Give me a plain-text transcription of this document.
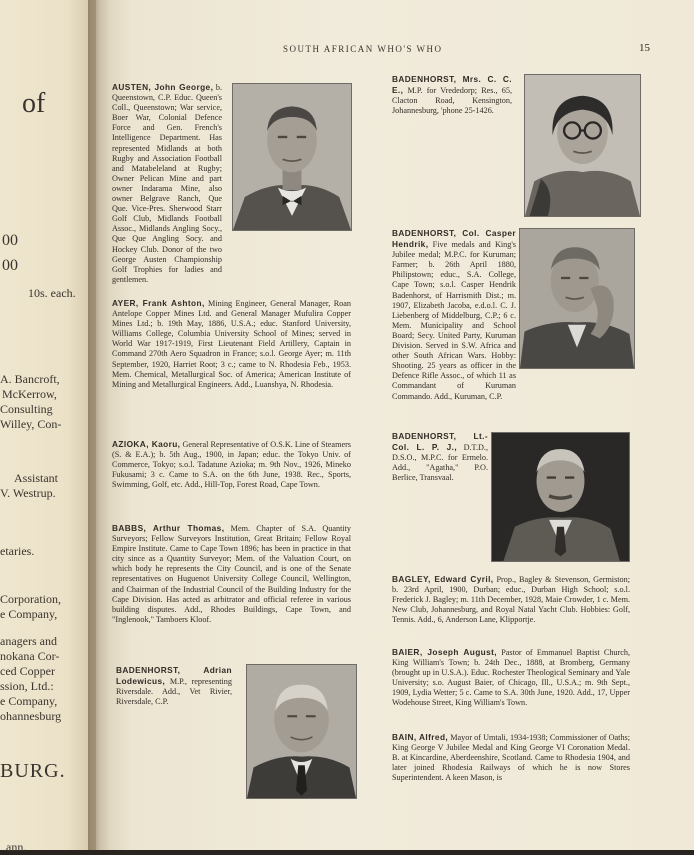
of
00
00
10s. each.
A. Bancroft,
McKerrow,
Consulting
Willey, Con-
Assistant
V. Westrup.
etaries.
Corporation,
e Company,
anagers and
nokana Cor-
ced Copper
ssion, Ltd.:
e Company,
ohannesburg
BURG.
ann.
SOUTH AFRICAN WHO'S WHO	15
AUSTEN, John George, b. Queenstown, C.P. Educ. Queen's Coll., Queenstown; War service, Boer War, Colonial Defence Force and Gen. French's Intelligence Department. Has represented Midlands at both Rugby and Association Football and Matabeleland at Rugby; Owner Pelican Mine and part owner Indarama Mine, also owner Belgrave Ranch, Que Que. Vice-Pres. Sherwood Starr Golf Club, Midlands Football Assoc., Midlands Angling Socy., Que Que Angling Socy. and Hockey Club. Donor of the two George Austen Championship Golf Trophies for ladies and gentlemen.
AYER, Frank Ashton, Mining Engineer, General Manager, Roan Antelope Copper Mines Ltd. and General Manager Mufulira Copper Mines Ltd.; b. 19th May, 1886, U.S.A.; educ. Stanford University, Williams College, Columbia University School of Mines; served in World War 1917-1919, First Lieutenant Field Artillery, Captain in Command 270th Aero Squadron in France; s.o.l. George Ayer; m. 11th September, 1920, Harriet Root; 3 c.; came to N. Rhodesia Feb., 1953. Mem. Chemical, Metallurgical Soc. of America; American Institute of Mining and Metallurgical Engineers. Add., Luanshya, N. Rhodesia.
AZIOKA, Kaoru, General Representative of O.S.K. Line of Steamers (S. & E.A.); b. 5th Aug., 1900, in Japan; educ. the Tokyo Univ. of Commerce, Tokyo; s.o.l. Tadatune Azioka; m. 9th Nov., 1926, Mineko Fukusami; 3 c. Came to S.A. on the 6th June, 1938. Rec., Sports, Swimming, Golf, etc. Add., Hill-Top, Forest Road, Cape Town.
BABBS, Arthur Thomas, Mem. Chapter of S.A. Quantity Surveyors; Fellow Surveyors Institution, Great Britain; Fellow Royal Empire Institute. Came to Cape Town 1896; has been in practice in that city since as a Quantity Surveyor; Mem. of the Valuation Court, on which body he represents the City Council, and is one of the Senate representatives on Huguenot University College Council, Wellington, and Chairman of the Industrial Council of the Building Industry for the Cape Division. Has acted as arbitrator and official referee in various building disputes. Add., Rhodes Buildings, Cape Town, and "Inglenook," Tamboers Kloof.
BADENHORST, Adrian Lodewicus, M.P., representing Riversdale. Add., Vet Rivier, Riversdale, C.P.
BADENHORST, Mrs. C. C. E., M.P. for Vrededorp; Res., 65, Clacton Road, Kensington, Johannesburg, 'phone 25-1426.
BADENHORST, Col. Casper Hendrik, Five medals and King's Jubilee medal; M.P.C. for Kuruman; Farmer; b. 26th April 1880, Philipstown; educ., S.A. College, Cape Town; s.o.l. Casper Hendrik Badenhorst, of Harrismith Dist.; m. 1907, Elizabeth Jacoba, e.d.o.l. C. J. Liebenberg of Middelburg, C.P.; 6 c. Mem. Municipality and School Board; Secy. United Party, Kuruman Division. Served in S.W. Africa and other South African Wars. Hobby: Shooting. 25 years as officer in the Defence Rifle Assoc., of which 11 as Commandant of Kuruman Commando. Add., Kuruman, C.P.
BADENHORST, Lt.-Col. L. P. J., D.T.D., D.S.O., M.P.C. for Ermelo. Add., "Agatha," P.O. Berlice, Transvaal.
BAGLEY, Edward Cyril, Prop., Bagley & Stevenson, Germiston; b. 23rd April, 1900, Durban; educ., Durban High School; s.o.l. Frederick J. Bagley; m. 11th December, 1928, Maie Crowder, 1 c. Mem. New Club, Johannesburg, and Royal Natal Yacht Club. Hobbies: Golf, Tennis. Add., 6, Anderson Lane, Klipportje.
BAIER, Joseph August, Pastor of Emmanuel Baptist Church, King William's Town; b. 24th Dec., 1888, at Bromberg, Germany (brought up in U.S.A.). Educ. Rochester Theological Seminary and Yale University; s.o. August Baier, of Chicago, Ill., U.S.A.; m. 9th Sept., 1909, Lydia Wetter; 5 c. Came to S.A. 30th June, 1920. Add., 17, Upper Wodehouse Street, King William's Town.
BAIN, Alfred, Mayor of Umtali, 1934-1938; Commissioner of Oaths; King George V Jubilee Medal and King George VI Coronation Medal. B. at Kincardine, Aberdeenshire, Scotland. Came to Rhodesia 1904, and later joined Rhodesia Railways of which he is now Stores Superintendent. A keen Mason, is
